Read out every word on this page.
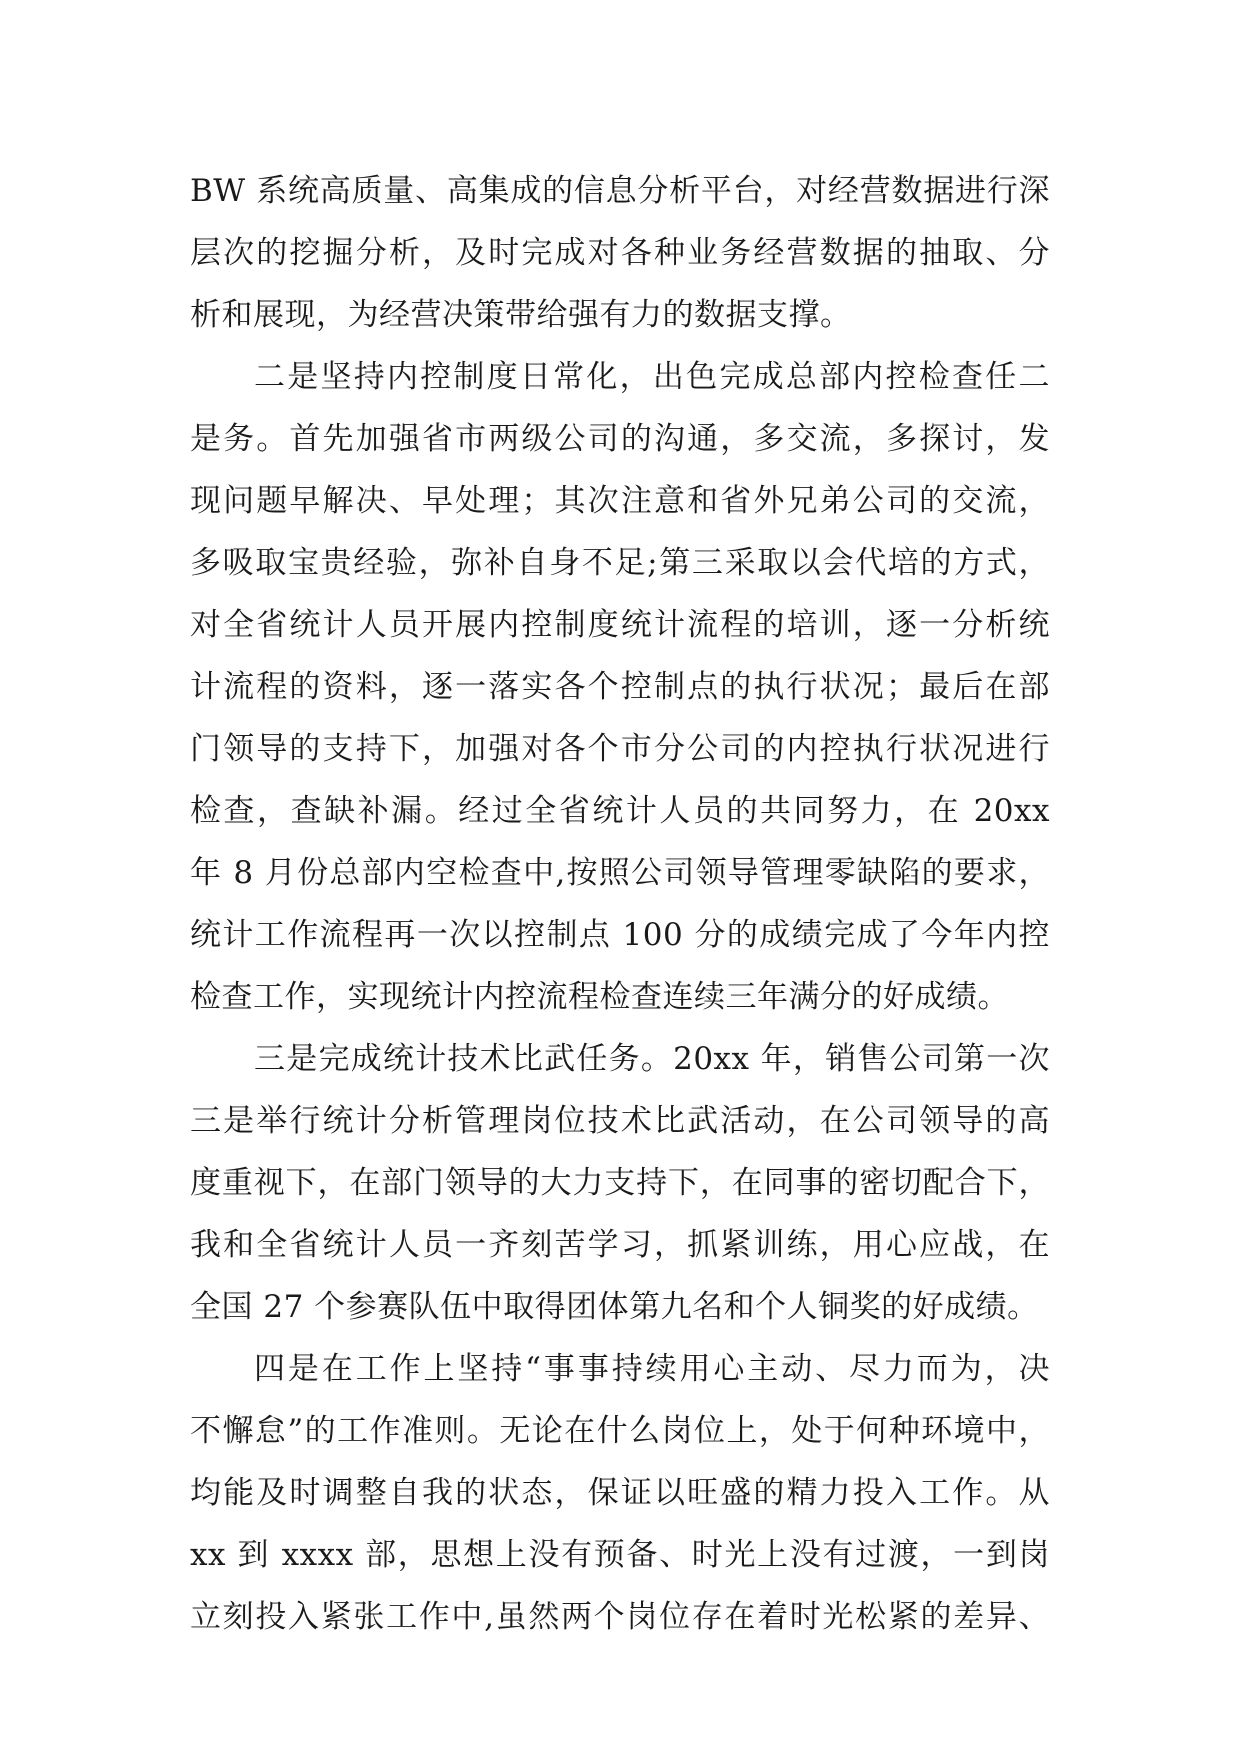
BW 系统高质量、高集成的信息分析平台，对经营数据进行深
层次的挖掘分析，及时完成对各种业务经营数据的抽取、分
析和展现，为经营决策带给强有力的数据支撑。
二是坚持内控制度日常化，出色完成总部内控检查任二
是务。首先加强省市两级公司的沟通，多交流，多探讨，发
现问题早解决、早处理；其次注意和省外兄弟公司的交流，
多吸取宝贵经验，弥补自身不足;第三采取以会代培的方式，
对全省统计人员开展内控制度统计流程的培训，逐一分析统
计流程的资料，逐一落实各个控制点的执行状况；最后在部
门领导的支持下，加强对各个市分公司的内控执行状况进行
检查，查缺补漏。经过全省统计人员的共同努力，在 20xx
年 8 月份总部内空检查中,按照公司领导管理零缺陷的要求，
统计工作流程再一次以控制点 100 分的成绩完成了今年内控
检查工作，实现统计内控流程检查连续三年满分的好成绩。
三是完成统计技术比武任务。20xx 年，销售公司第一次
三是举行统计分析管理岗位技术比武活动，在公司领导的高
度重视下，在部门领导的大力支持下，在同事的密切配合下，
我和全省统计人员一齐刻苦学习，抓紧训练，用心应战，在
全国 27 个参赛队伍中取得团体第九名和个人铜奖的好成绩。
四是在工作上坚持“事事持续用心主动、尽力而为，决
不懈怠”的工作准则。无论在什么岗位上，处于何种环境中，
均能及时调整自我的状态，保证以旺盛的精力投入工作。从
xx 到 xxxx 部，思想上没有预备、时光上没有过渡，一到岗
立刻投入紧张工作中,虽然两个岗位存在着时光松紧的差异、
